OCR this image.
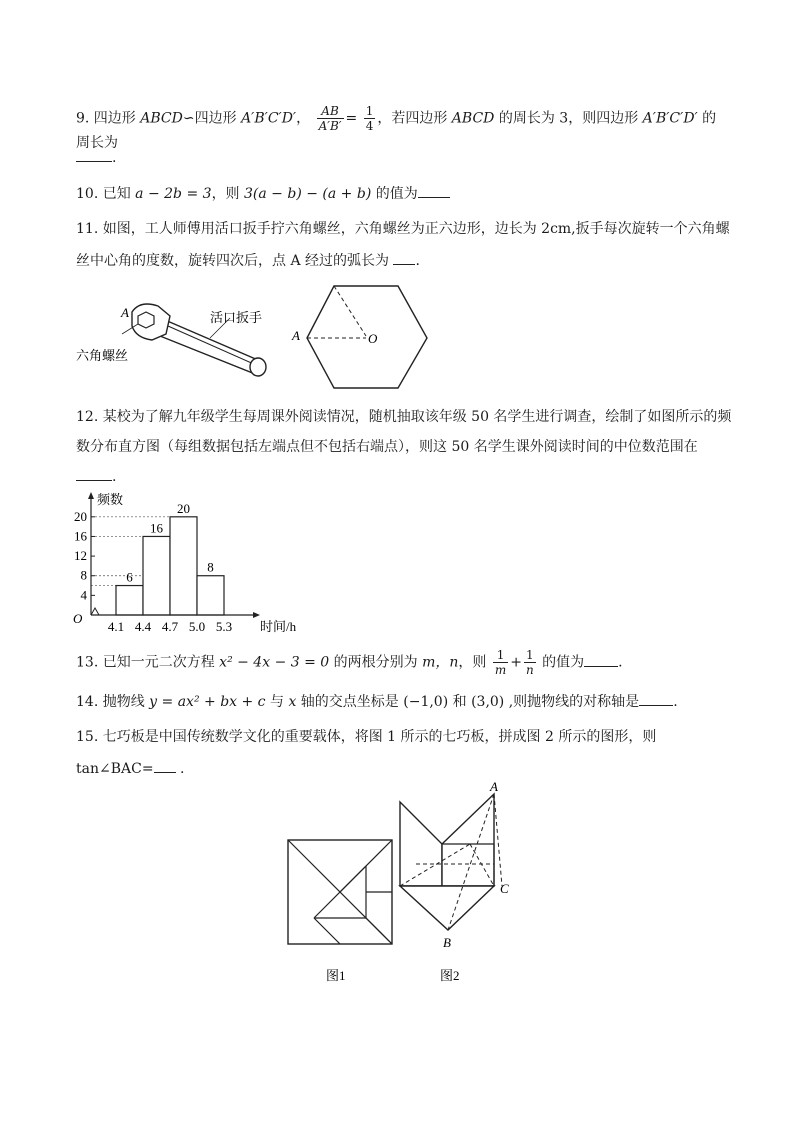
9. 四边形 ABCD∽四边形 A′B′C′D′， $\frac{AB}{A'B'} = \frac{1}{4}$ ，若四边形 ABCD 的周长为 3，则四边形 A′B′C′D′ 的周长为
.
10. 已知 a − 2b = 3，则 3(a − b) − (a + b) 的值为
11. 如图，工人师傅用活口扳手拧六角螺丝，六角螺丝为正六边形，边长为 2cm,扳手每次旋转一个六角螺
丝中心角的度数，旋转四次后，点 A 经过的弧长为 .
A	活口扳手
六角螺丝
A	O
12. 某校为了解九年级学生每周课外阅读情况，随机抽取该年级 50 名学生进行调查，绘制了如图所示的频
数分布直方图（每组数据包括左端点但不包括右端点），则这 50 名学生课外阅读时间的中位数范围在
.
频数
时间/h
O
4
8
12
16
20
6
16
20
8
4.1 4.4 4.7 5.0 5.3
13. 已知一元二次方程 x² − 4x − 3 = 0 的两根分别为 m，n，则 $\frac{1}{m} + \frac{1}{n}$ 的值为 .
14. 抛物线 y = ax² + bx + c 与 x 轴的交点坐标是 (−1,0) 和 (3,0) ,则抛物线的对称轴是 .
15. 七巧板是中国传统数学文化的重要载体，将图 1 所示的七巧板，拼成图 2 所示的图形，则
tan∠BAC= .
图1
A
B
C
图2
